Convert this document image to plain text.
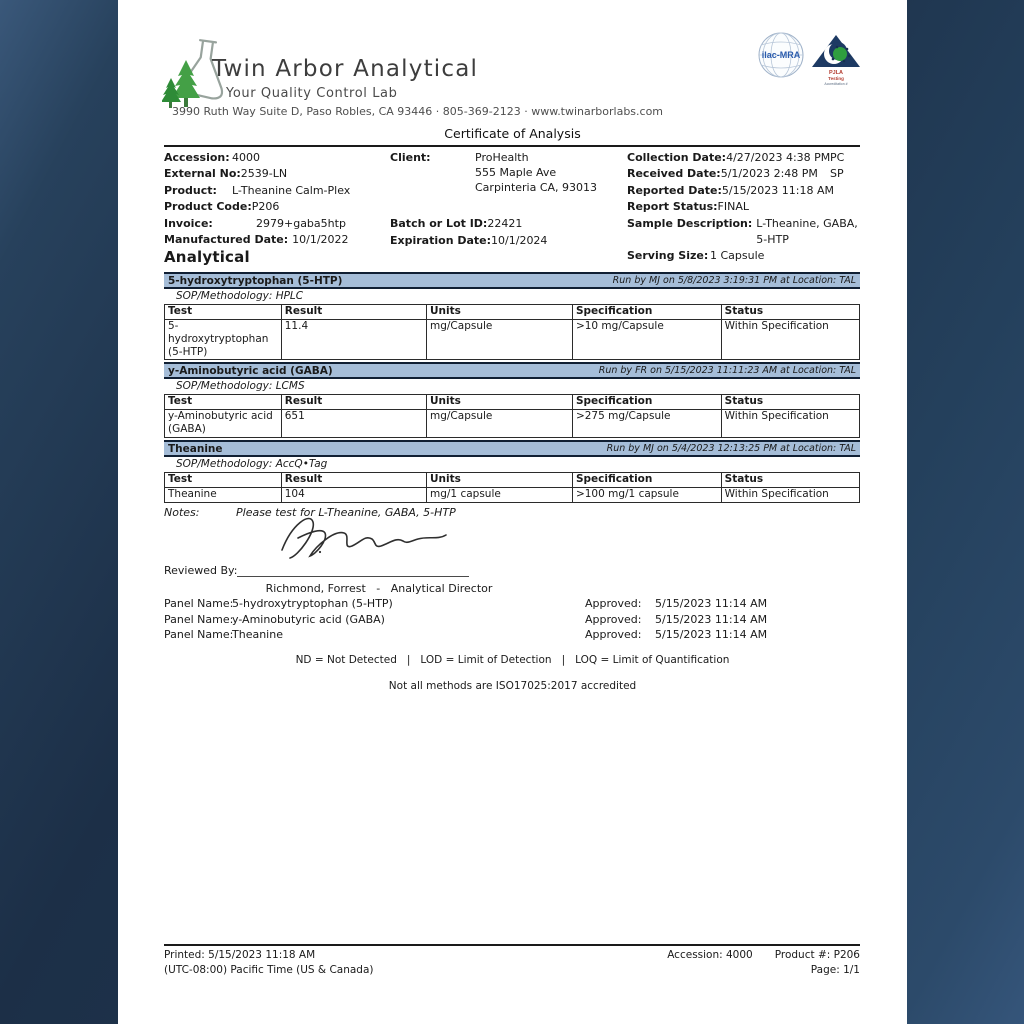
Twin Arbor Analytical
Your Quality Control Lab
3990 Ruth Way Suite D, Paso Robles, CA 93446 · 805-369-2123 · www.twinarborlabs.com
ilac-MRA
PJLA
Testing
Accreditation #
Certificate of Analysis
Accession: 4000
External No: 2539-LN
Product:	L-Theanine Calm-Plex
Product Code: P206
Invoice:	2979+gaba5htp
Manufactured Date: 10/1/2022
Client:	ProHealth
555 Maple Ave
Carpinteria CA, 93013
Batch or Lot ID: 22421
Expiration Date: 10/1/2024
Collection Date: 4/27/2023 4:38 PM PC
Received Date: 5/1/2023 2:48 PM SP
Reported Date: 5/15/2023 11:18 AM
Report Status: FINAL
Sample Description: L-Theanine, GABA, 5-HTP
Serving Size: 1 Capsule
Analytical
5-hydroxytryptophan (5-HTP)	Run by MJ on 5/8/2023 3:19:31 PM at Location: TAL
SOP/Methodology: HPLC
Test	Result	Units	Specification	Status
5-hydroxytryptophan (5-HTP)	11.4	mg/Capsule	>10 mg/Capsule	Within Specification
y-Aminobutyric acid (GABA)	Run by FR on 5/15/2023 11:11:23 AM at Location: TAL
SOP/Methodology: LCMS
Test	Result	Units	Specification	Status
y-Aminobutyric acid (GABA)	651	mg/Capsule	>275 mg/Capsule	Within Specification
Theanine	Run by MJ on 5/4/2023 12:13:25 PM at Location: TAL
SOP/Methodology: AccQ•Tag
Test	Result	Units	Specification	Status
Theanine	104	mg/1 capsule	>100 mg/1 capsule	Within Specification
Notes:	Please test for L-Theanine, GABA, 5-HTP
Reviewed By:
Richmond, Forrest   -   Analytical Director
Panel Name:
5-hydroxytryptophan (5-HTP)	Approved: 5/15/2023 11:14 AM
Panel Name:
y-Aminobutyric acid (GABA)	Approved: 5/15/2023 11:14 AM
Panel Name:
Theanine	Approved: 5/15/2023 11:14 AM
ND = Not Detected   |   LOD = Limit of Detection   |   LOQ = Limit of Quantification
Not all methods are ISO17025:2017 accredited
Printed: 5/15/2023 11:18 AM
(UTC-08:00) Pacific Time (US & Canada)
Accession: 4000 Product #: P206
Page: 1/1
